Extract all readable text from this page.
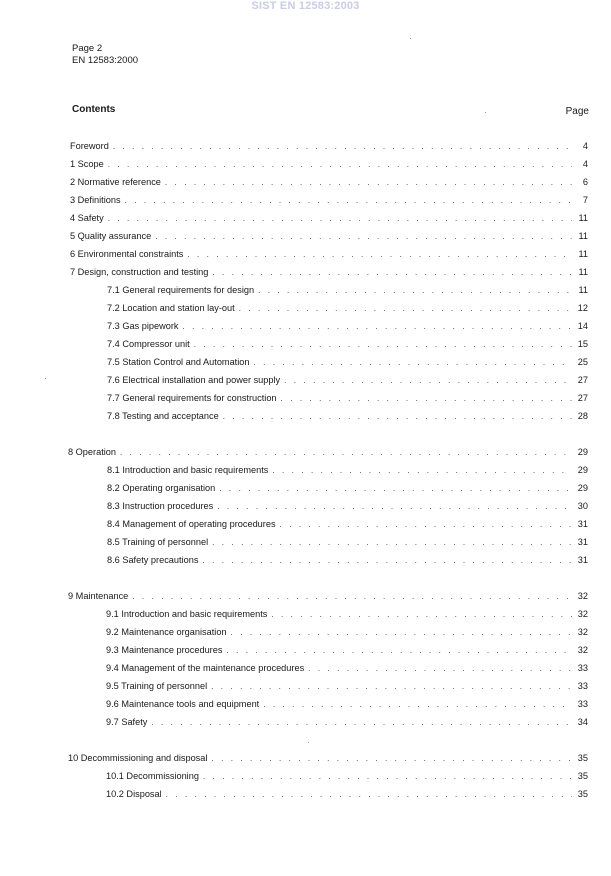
SIST EN 12583:2003
Page 2
EN 12583:2000
Contents	Page
Foreword . . .	4
1 Scope . . .	4
2 Normative reference . . .	6
3 Definitions . . .	7
4 Safety . . .	11
5 Quality assurance . . .	11
6 Environmental constraints . . .	11
7 Design, construction and testing . . .	11
7.1 General requirements for design . . .	11
7.2 Location and station lay-out . . .	12
7.3 Gas pipework . . .	14
7.4 Compressor unit . . .	15
7.5 Station Control and Automation . . .	25
7.6 Electrical installation and power supply . . .	27
7.7 General requirements for construction . . .	27
7.8 Testing and acceptance . . .	28
8 Operation . . .	29
8.1 Introduction and basic requirements . . .	29
8.2 Operating organisation . . .	29
8.3 Instruction procedures . . .	30
8.4 Management of operating procedures . . .	31
8.5 Training of personnel . . .	31
8.6 Safety precautions . . .	31
9 Maintenance . . .	32
9.1 Introduction and basic requirements . . .	32
9.2 Maintenance organisation . . .	32
9.3 Maintenance procedures . . .	32
9.4 Management of the maintenance procedures . . .	33
9.5 Training of personnel . . .	33
9.6 Maintenance tools and equipment . . .	33
9.7 Safety . . .	34
10 Decommissioning and disposal . . .	35
10.1 Decommissioning . . .	35
10.2 Disposal . . .	35
